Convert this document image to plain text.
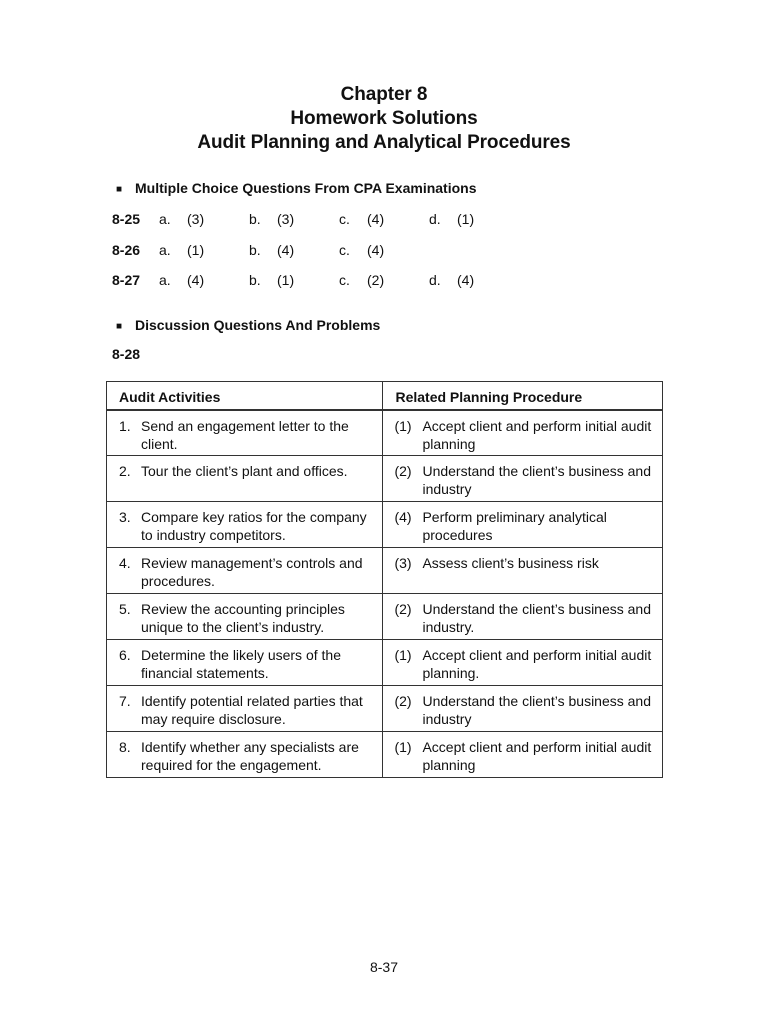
Chapter 8
Homework Solutions
Audit Planning and Analytical Procedures
■ Multiple Choice Questions From CPA Examinations
8-25 a. (3)	b. (3)	c. (4)	d. (1)
8-26 a. (1)	b. (4)	c. (4)
8-27 a. (4)	b. (1)	c. (2)	d. (4)
■ Discussion Questions And Problems
8-28
Audit Activities	Related Planning Procedure

1. Send an engagement letter to the client.	(1) Accept client and perform initial audit planning

2. Tour the client’s plant and offices.	(2) Understand the client’s business and industry

3. Compare key ratios for the company to industry competitors.	(4) Perform preliminary analytical procedures

4. Review management’s controls and procedures.	(3) Assess client’s business risk

5. Review the accounting principles unique to the client’s industry.	(2) Understand the client’s business and industry.

6. Determine the likely users of the financial statements.	(1) Accept client and perform initial audit planning.

7. Identify potential related parties that may require disclosure.	(2) Understand the client’s business and industry

8. Identify whether any specialists are required for the engagement.	(1) Accept client and perform initial audit planning
8-37
